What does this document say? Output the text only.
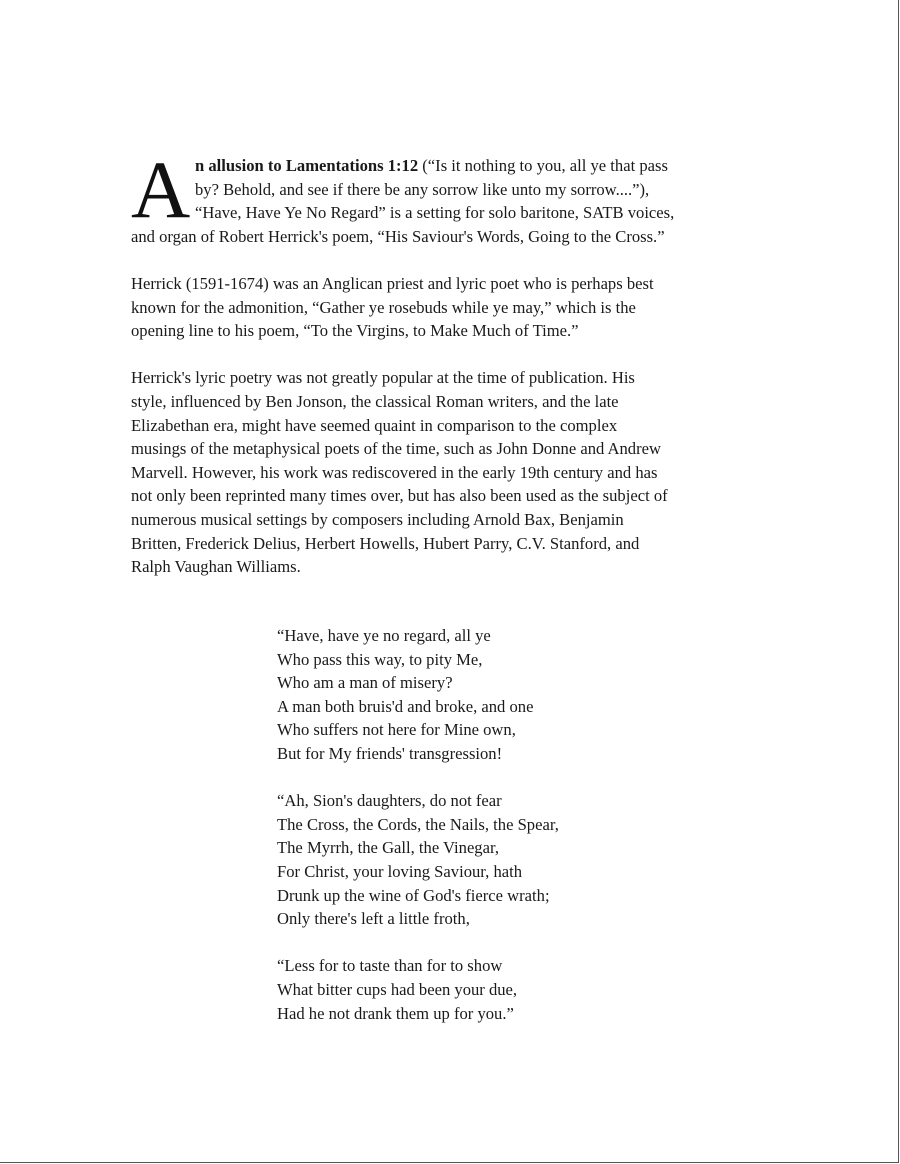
A n allusion to Lamentations 1:12 (“Is it nothing to you, all ye that pass
by? Behold, and see if there be any sorrow like unto my sorrow....”),
“Have, Have Ye No Regard” is a setting for solo baritone, SATB voices,
and organ of Robert Herrick's poem, “His Saviour's Words, Going to the Cross.”
Herrick (1591-1674) was an Anglican priest and lyric poet who is perhaps best
known for the admonition, “Gather ye rosebuds while ye may,” which is the
opening line to his poem, “To the Virgins, to Make Much of Time.”
Herrick's lyric poetry was not greatly popular at the time of publication. His
style, influenced by Ben Jonson, the classical Roman writers, and the late
Elizabethan era, might have seemed quaint in comparison to the complex
musings of the metaphysical poets of the time, such as John Donne and Andrew
Marvell. However, his work was rediscovered in the early 19th century and has
not only been reprinted many times over, but has also been used as the subject of
numerous musical settings by composers including Arnold Bax, Benjamin
Britten, Frederick Delius, Herbert Howells, Hubert Parry, C.V. Stanford, and
Ralph Vaughan Williams.
“Have, have ye no regard, all ye
Who pass this way, to pity Me,
Who am a man of misery?
A man both bruis'd and broke, and one
Who suffers not here for Mine own,
But for My friends' transgression!
“Ah, Sion's daughters, do not fear
The Cross, the Cords, the Nails, the Spear,
The Myrrh, the Gall, the Vinegar,
For Christ, your loving Saviour, hath
Drunk up the wine of God's fierce wrath;
Only there's left a little froth,
“Less for to taste than for to show
What bitter cups had been your due,
Had he not drank them up for you.”
